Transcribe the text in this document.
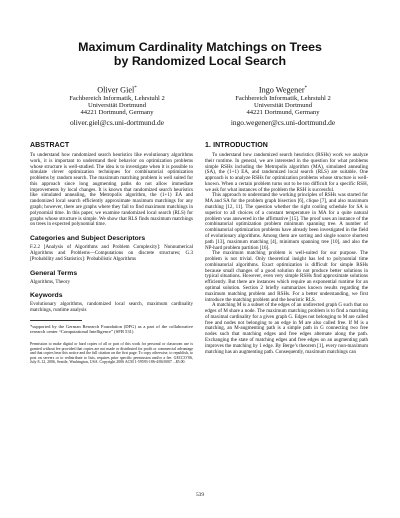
Maximum Cardinality Matchings on Trees
by Randomized Local Search
Oliver Giel*
Fachbereich Informatik, Lehrstuhl 2
Universität Dortmund
44221 Dortmund, Germany
oliver.giel@cs.uni-dortmund.de
Ingo Wegener*
Fachbereich Informatik, Lehrstuhl 2
Universität Dortmund
44221 Dortmund, Germany
ingo.wegener@cs.uni-dortmund.de
ABSTRACT

To understand how randomized search heuristics like evolutionary algorithms work, it is important to understand their behavior on optimization problems whose structure is well-studied. The idea is to investigate when it is possible to simulate clever optimization techniques for combinatorial optimization problems by random search. The maximum matching problem is well suited for this approach since long augmenting paths do not allow immediate improvements by local changes. It is known that randomized search heuristics like simulated annealing, the Metropolis algorithm, the (1+1) EA and randomized local search efficiently approximate maximum matchings for any graph; however, there are graphs where they fail to find maximum matchings in polynomial time. In this paper, we examine randomized local search (RLS) for graphs whose structure is simple. We show that RLS finds maximum matchings on trees in expected polynomial time.

Categories and Subject Descriptors

F.2.2 [Analysis of Algorithms and Problem Complexity]: Nonnumerical Algorithms and Problems—Computations on discrete structures; G.3 [Probability and Statistics]: Probabilistic Algorithms

General Terms

Algorithms, Theory

Keywords

Evolutionary algorithms, randomized local search, maximum cardinality matchings, runtime analysis

*supported by the German Research Foundation (DFG) as a part of the collaborative research center “Computational Intelligence” (SFB 531)

Permission to make digital or hard copies of all or part of this work for personal or classroom use is granted without fee provided that copies are not made or distributed for profit or commercial advantage and that copies bear this notice and the full citation on the first page. To copy otherwise, to republish, to post on servers or to redistribute to lists, requires prior specific permission and/or a fee. GECCO’06, July 8–12, 2006, Seattle, Washington, USA. Copyright 2006 ACM 1-59593-186-4/06/0007 ...$5.00.

1. INTRODUCTION

To understand how randomized search heuristics (RSHs) work we analyze their runtime. In general, we are interested in the question for what problems simple RSHs including the Metropolis algorithm (MA), simulated annealing (SA), the (1+1) EA, and randomized local search (RLS) are suitable. One approach is to analyze RSHs for optimization problems whose structure is well-known. When a certain problem turns out to be too difficult for a specific RSH, we ask for what instances of the problem the RSH is successful.

This approach to understand the working principles of RSHs was started for MA and SA for the problem graph bisection [6], clique [7], and also maximum matching [12, 11]. The question whether the right cooling schedule for SA is superior to all choices of a constant temperature in MA for a quite natural problem was answered in the affirmative [15]. The proof uses an instance of the combinatorial optimization problem minimum spanning tree. A number of combinatorial optimization problems have already been investigated in the field of evolutionary algorithms. Among them are sorting and single source shortest path [13], maximum matching [4], minimum spanning tree [10], and also the NP-hard problem partition [16].

The maximum matching problem is well-suited for our purpose. The problem is not trivial. Only theoretical insight has led to polynomial time combinatorial algorithms. Exact optimization is difficult for simple RSHs because small changes of a good solution do not produce better solutions in typical situations. However, even very simple RSHs find approximate solutions efficiently. But there are instances which require an exponential runtime for an optimal solution. Section 2 briefly summarizes known results regarding the maximum matching problem and RSHs. For a better understanding, we first introduce the matching problem and the heuristic RLS.

A matching M is a subset of the edges of an undirected graph G such that no edges of M share a node. The maximum matching problem is to find a matching of maximal cardinality for a given graph G. Edges not belonging to M are called free and nodes not belonging to an edge in M are also called free. If M is a matching, an M-augmenting path is a simple path in G connecting two free nodes such that matching edges and free edges alternate along the path. Exchanging the state of matching edges and free edges on an augmenting path improves the matching by 1 edge. By Berge’s theorem [1], every non-maximum matching has an augmenting path. Consequently, maximum matchings can

539
